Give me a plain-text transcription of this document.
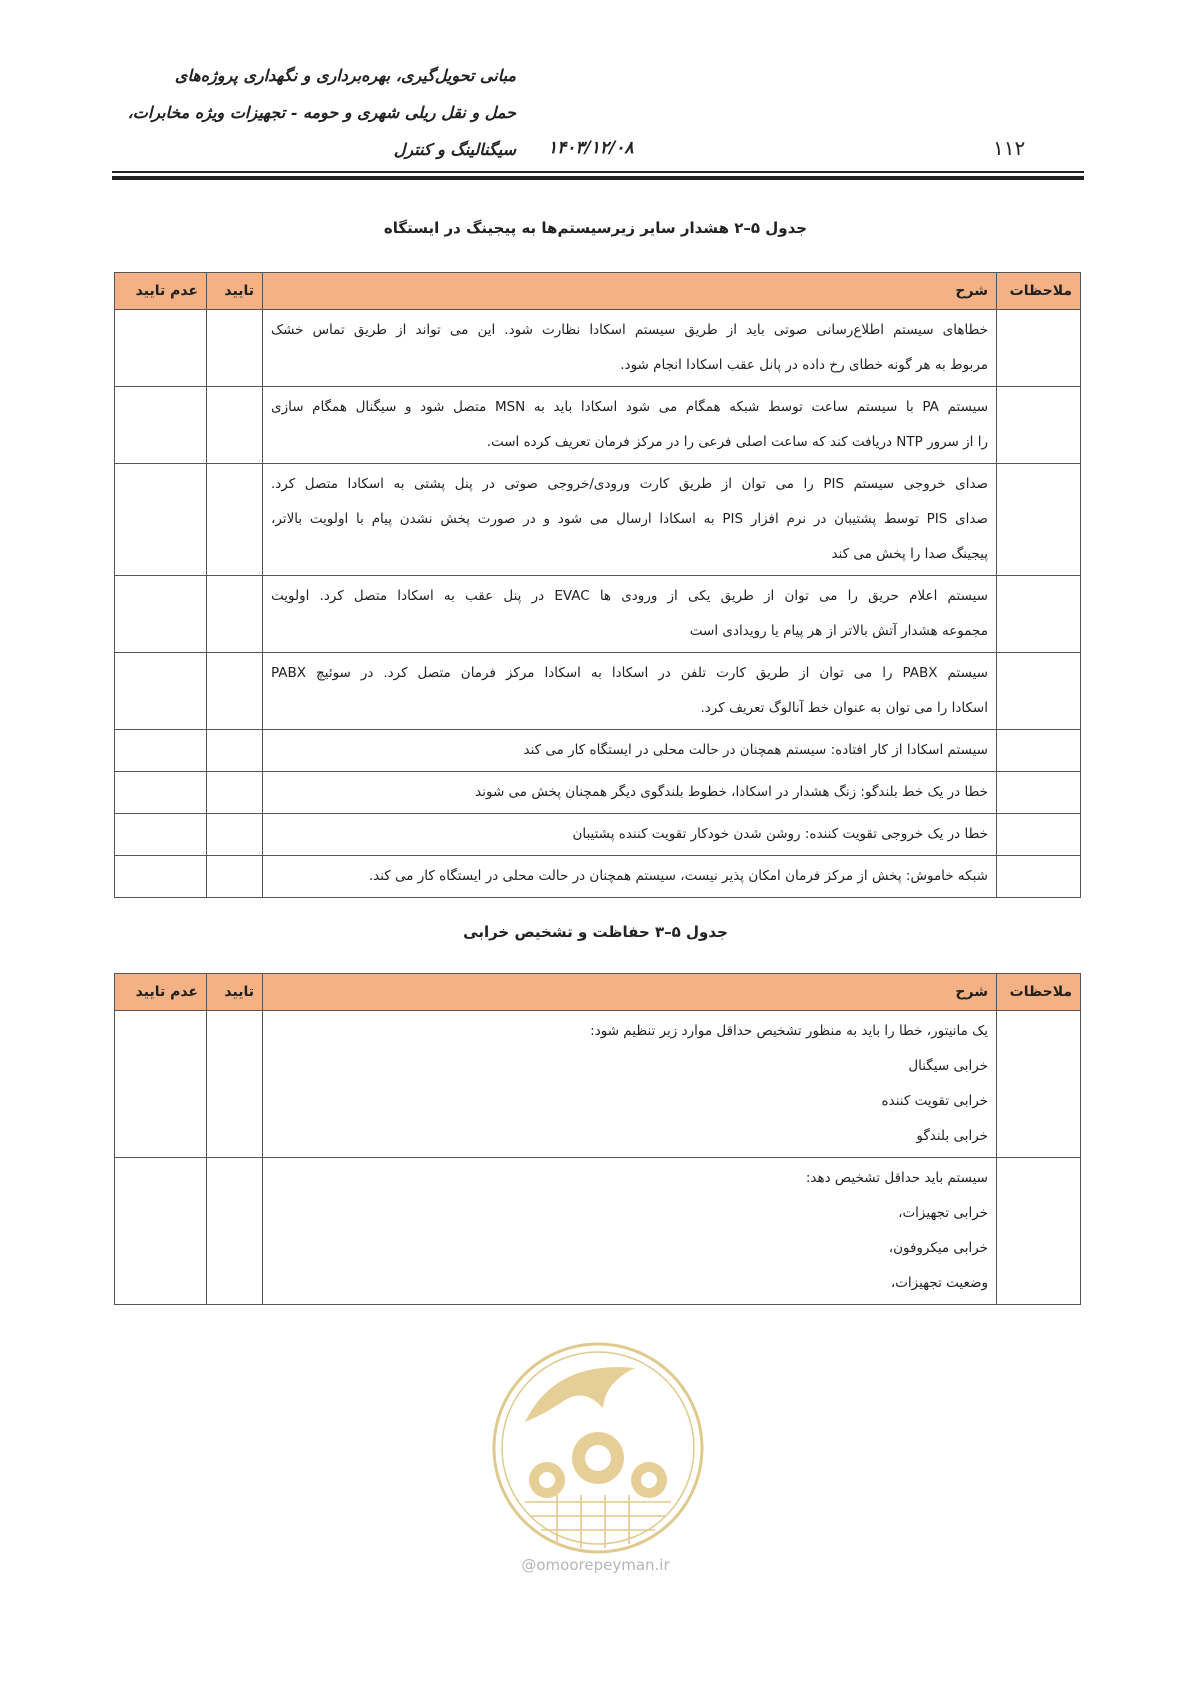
مبانی تحویل‌گیری، بهره‌برداری و نگهداری پروژه‌های
حمل و نقل ریلی شهری و حومه - تجهیزات ویژه مخابرات،
سیگنالینگ و کنترل ۱۴۰۳/۱۲/۰۸	۱۱۲
جدول ۵–۲ هشدار سایر زیرسیستم‌ها به پیجینگ در ایستگاه
ملاحظات	شرح	تایید	عدم تایید

	خطاهای سیستم اطلاع‌رسانی صوتی باید از طریق سیستم اسکادا نظارت شود. این می تواند از طریق تماس خشک
مربوط به هر گونه خطای رخ داده در پانل عقب اسکادا انجام شود.		

	سیستم PA با سیستم ساعت توسط شبکه همگام می شود اسکادا باید به MSN متصل شود و سیگنال همگام سازی
را از سرور NTP دریافت کند که ساعت اصلی فرعی را در مرکز فرمان تعریف کرده است.		

	صدای خروجی سیستم PIS را می توان از طریق کارت ورودی/خروجی صوتی در پنل پشتی به اسکادا متصل کرد.
صدای PIS توسط پشتیبان در نرم افزار PIS به اسکادا ارسال می شود و در صورت پخش نشدن پیام با اولویت بالاتر،
پیجینگ صدا را پخش می کند		

	سیستم اعلام حریق را می توان از طریق یکی از ورودی ها EVAC در پنل عقب به اسکادا متصل کرد. اولویت
مجموعه هشدار آتش بالاتر از هر پیام یا رویدادی است		

	سیستم PABX را می توان از طریق کارت تلفن در اسکادا به اسکادا مرکز فرمان متصل کرد. در سوئیچ PABX
اسکادا را می توان به عنوان خط آنالوگ تعریف کرد.		

	سیستم اسکادا از کار افتاده: سیستم همچنان در حالت محلی در ایستگاه کار می کند		

	خطا در یک خط بلندگو: زنگ هشدار در اسکادا، خطوط بلندگوی دیگر همچنان پخش می شوند		

	خطا در یک خروجی تقویت کننده: روشن شدن خودکار تقویت کننده پشتیبان		

	شبکه خاموش: پخش از مرکز فرمان امکان پذیر نیست، سیستم همچنان در حالت محلی در ایستگاه کار می کند.		

جدول ۵–۳ حفاظت و تشخیص خرابی
ملاحظات	شرح	تایید	عدم تایید

	یک مانیتور، خطا را باید به منظور تشخیص حداقل موارد زیر تنظیم شود:
خرابی سیگنال
خرابی تقویت کننده
خرابی بلندگو		

	سیستم باید حداقل تشخیص دهد:
خرابی تجهیزات،
خرابی میکروفون،
وضعیت تجهیزات،		

@omoorepeyman.ir
